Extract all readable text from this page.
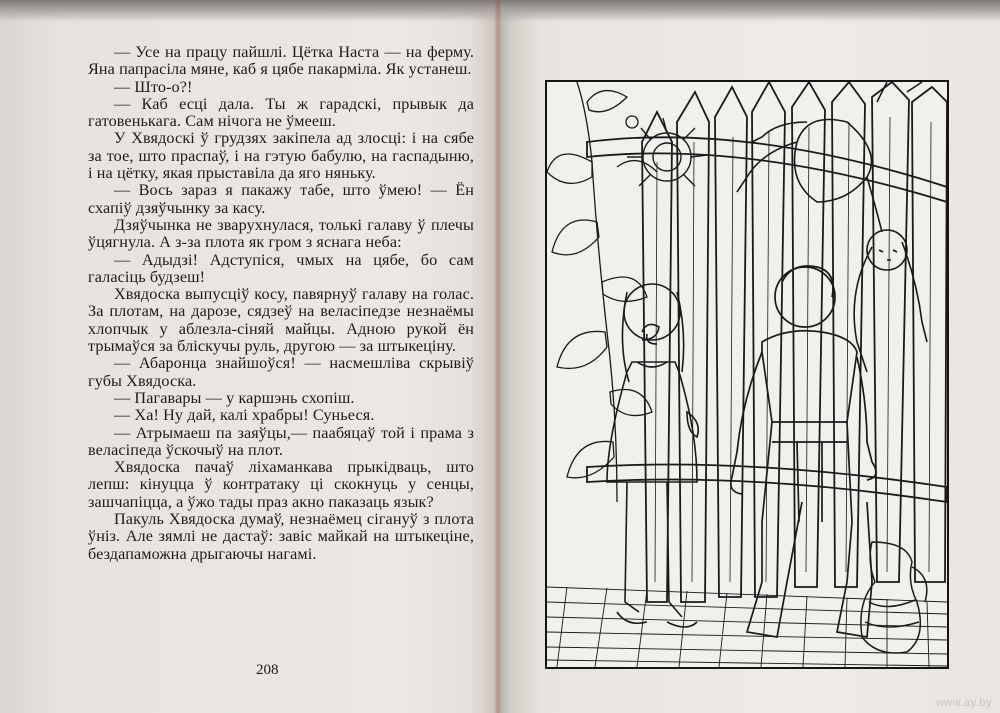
— Усе на працу пайшлі. Цётка Наста — на ферму. Яна папрасіла мяне, каб я цябе пакарміла. Як устанеш.

— Што-о?!

— Каб есці дала. Ты ж гарадскі, прывык да гатовенькага. Сам нічога не ўмееш.

У Хвядоскі ў грудзях закіпела ад злосці: і на сябе за тое, што праспаў, і на гэтую бабулю, на гаспадыню, і на цётку, якая прыставіла да яго няньку.

— Вось зараз я пакажу табе, што ўмею! — Ён схапіў дзяўчынку за касу.

Дзяўчынка не зварухнулася, толькі галаву ў плечы ўцягнула. А з-за плота як гром з яснага неба:

— Адыдзі! Адступіся, чмых на цябе, бо сам галасіць будзеш!

Хвядоска выпусціў косу, павярнуў галаву на голас. За плотам, на дарозе, сядзеў на веласіпедзе незнаёмы хлопчык у аблезла-сіняй майцы. Адною рукой ён трымаўся за бліскучы руль, другою — за штыкеціну.

— Абаронца знайшоўся! — насмешліва скрывіў губы Хвядоска.

— Пагавары — у каршэнь схопіш.

— Ха! Ну дай, калі храбры! Суньеся.

— Атрымаеш па заяўцы,— паабяцаў той і прама з веласіпеда ўскочыў на плот.

Хвядоска пачаў ліхаманкава прыкідваць, што лепш: кінуцца ў контратаку ці скокнуць у сенцы, зашчапіцца, а ўжо тады праз акно паказаць язык?

Пакуль Хвядоска думаў, незнаёмец сігануў з плота ўніз. Але зямлі не дастаў: завіс майкай на штыкеціне, бездапаможна дрыгаючы нагамі.

208
www.ay.by
